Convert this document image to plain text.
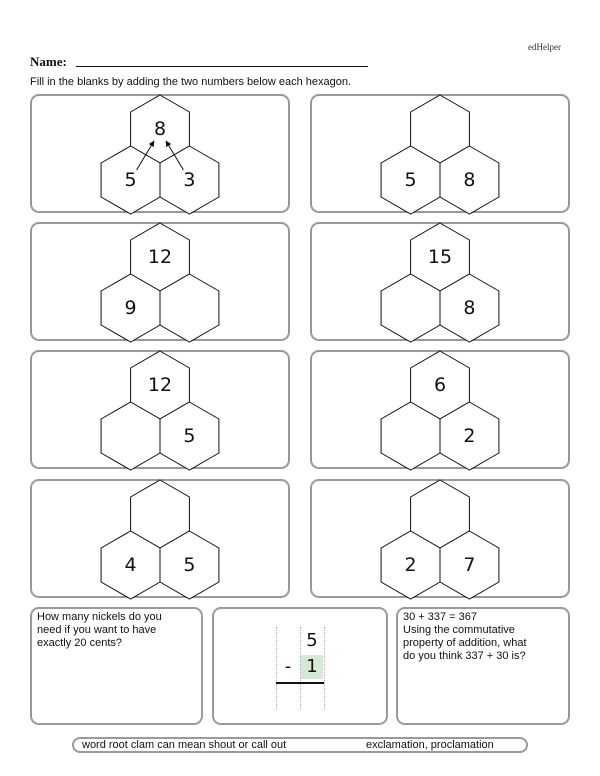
edHelper
Name:
Fill in the blanks by adding the two numbers below each hexagon.
8
5 3	5 8
12
9
15
8
12
5
6
2
4 5	2 7
How many nickels do you
need if you want to have
exactly 20 cents?	5
- 1
30 + 337 = 367
Using the commutative
property of addition, what
do you think 337 + 30 is?
word root clam can mean shout or call out	exclamation, proclamation
